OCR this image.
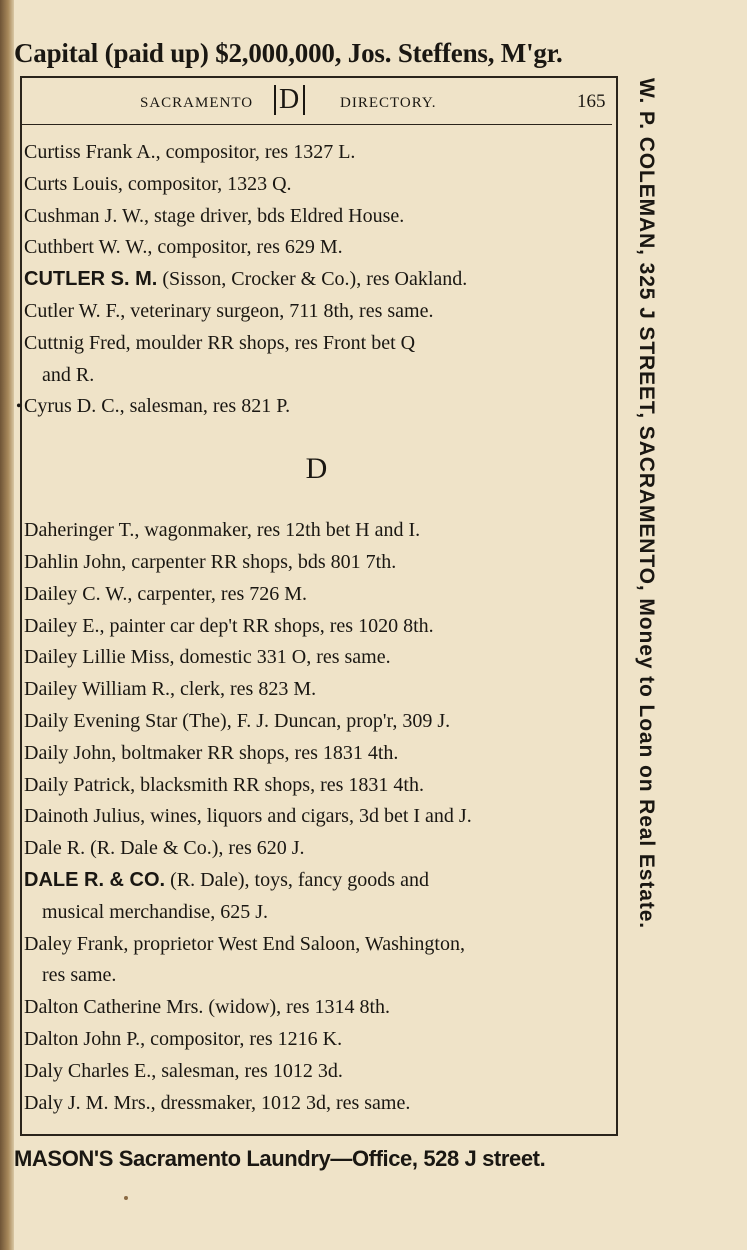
Capital (paid up) $2,000,000, Jos. Steffens, M'gr.
SACRAMENTO D	DIRECTORY.	165
Curtiss Frank A., compositor, res 1327 L.
Curts Louis, compositor, 1323 Q.
Cushman J. W., stage driver, bds Eldred House.
Cuthbert W. W., compositor, res 629 M.
CUTLER S. M. (Sisson, Crocker & Co.), res Oakland.
Cutler W. F., veterinary surgeon, 711 8th, res same.
Cuttnig Fred, moulder RR shops, res Front bet Q
and R.
• Cyrus D. C., salesman, res 821 P.
D
Daheringer T., wagonmaker, res 12th bet H and I.
Dahlin John, carpenter RR shops, bds 801 7th.
Dailey C. W., carpenter, res 726 M.
Dailey E., painter car dep't RR shops, res 1020 8th.
Dailey Lillie Miss, domestic 331 O, res same.
Dailey William R., clerk, res 823 M.
Daily Evening Star (The), F. J. Duncan, prop'r, 309 J.
Daily John, boltmaker RR shops, res 1831 4th.
Daily Patrick, blacksmith RR shops, res 1831 4th.
Dainoth Julius, wines, liquors and cigars, 3d bet I and J.
Dale R. (R. Dale & Co.), res 620 J.
DALE R. & CO. (R. Dale), toys, fancy goods and
musical merchandise, 625 J.
Daley Frank, proprietor West End Saloon, Washington,
res same.
Dalton Catherine Mrs. (widow), res 1314 8th.
Dalton John P., compositor, res 1216 K.
Daly Charles E., salesman, res 1012 3d.
Daly J. M. Mrs., dressmaker, 1012 3d, res same.
W. P. COLEMAN, 325 J STREET, SACRAMENTO, Money to Loan on Real Estate.
MASON'S Sacramento Laundry—Office, 528 J street.
